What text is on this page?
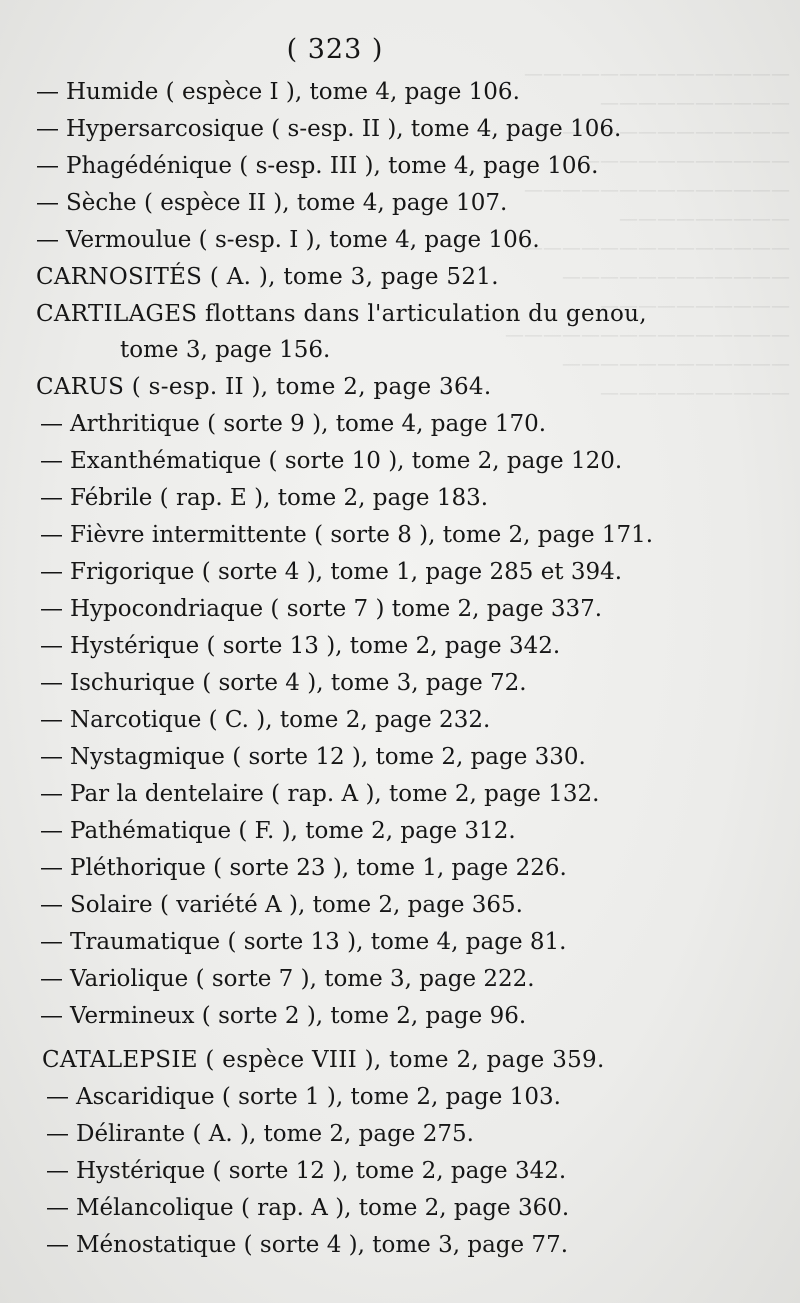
——————————————
——————————
————————————
———————————
——————————————
—————————
——————————————
————————————
——————————
———————————————
————————————
——————————
( 323 )
— Humide ( espèce I ), tome 4, page 106.
— Hypersarcosique ( s-esp. II ), tome 4, page 106.
— Phagédénique ( s-esp. III ), tome 4, page 106.
— Sèche ( espèce II ), tome 4, page 107.
— Vermoulue ( s-esp. I ), tome 4, page 106.
CARNOSITÉS ( A. ), tome 3, page 521.
CARTILAGES flottans dans l'articulation du genou,
tome 3, page 156.
CARUS ( s-esp. II ), tome 2, page 364.
— Arthritique ( sorte 9 ), tome 4, page 170.
— Exanthématique ( sorte 10 ), tome 2, page 120.
— Fébrile ( rap. E ), tome 2, page 183.
— Fièvre intermittente ( sorte 8 ), tome 2, page 171.
— Frigorique ( sorte 4 ), tome 1, page 285 et 394.
— Hypocondriaque ( sorte 7 ) tome 2, page 337.
— Hystérique ( sorte 13 ), tome 2, page 342.
— Ischurique ( sorte 4 ), tome 3, page 72.
— Narcotique ( C. ), tome 2, page 232.
— Nystagmique ( sorte 12 ), tome 2, page 330.
— Par la dentelaire ( rap. A ), tome 2, page 132.
— Pathématique ( F. ), tome 2, page 312.
— Pléthorique ( sorte 23 ), tome 1, page 226.
— Solaire ( variété A ), tome 2, page 365.
— Traumatique ( sorte 13 ), tome 4, page 81.
— Variolique ( sorte 7 ), tome 3, page 222.
— Vermineux ( sorte 2 ), tome 2, page 96.
CATALEPSIE ( espèce VIII ), tome 2, page 359.
— Ascaridique ( sorte 1 ), tome 2, page 103.
— Délirante ( A. ), tome 2, page 275.
— Hystérique ( sorte 12 ), tome 2, page 342.
— Mélancolique ( rap. A ), tome 2, page 360.
— Ménostatique ( sorte 4 ), tome 3, page 77.
